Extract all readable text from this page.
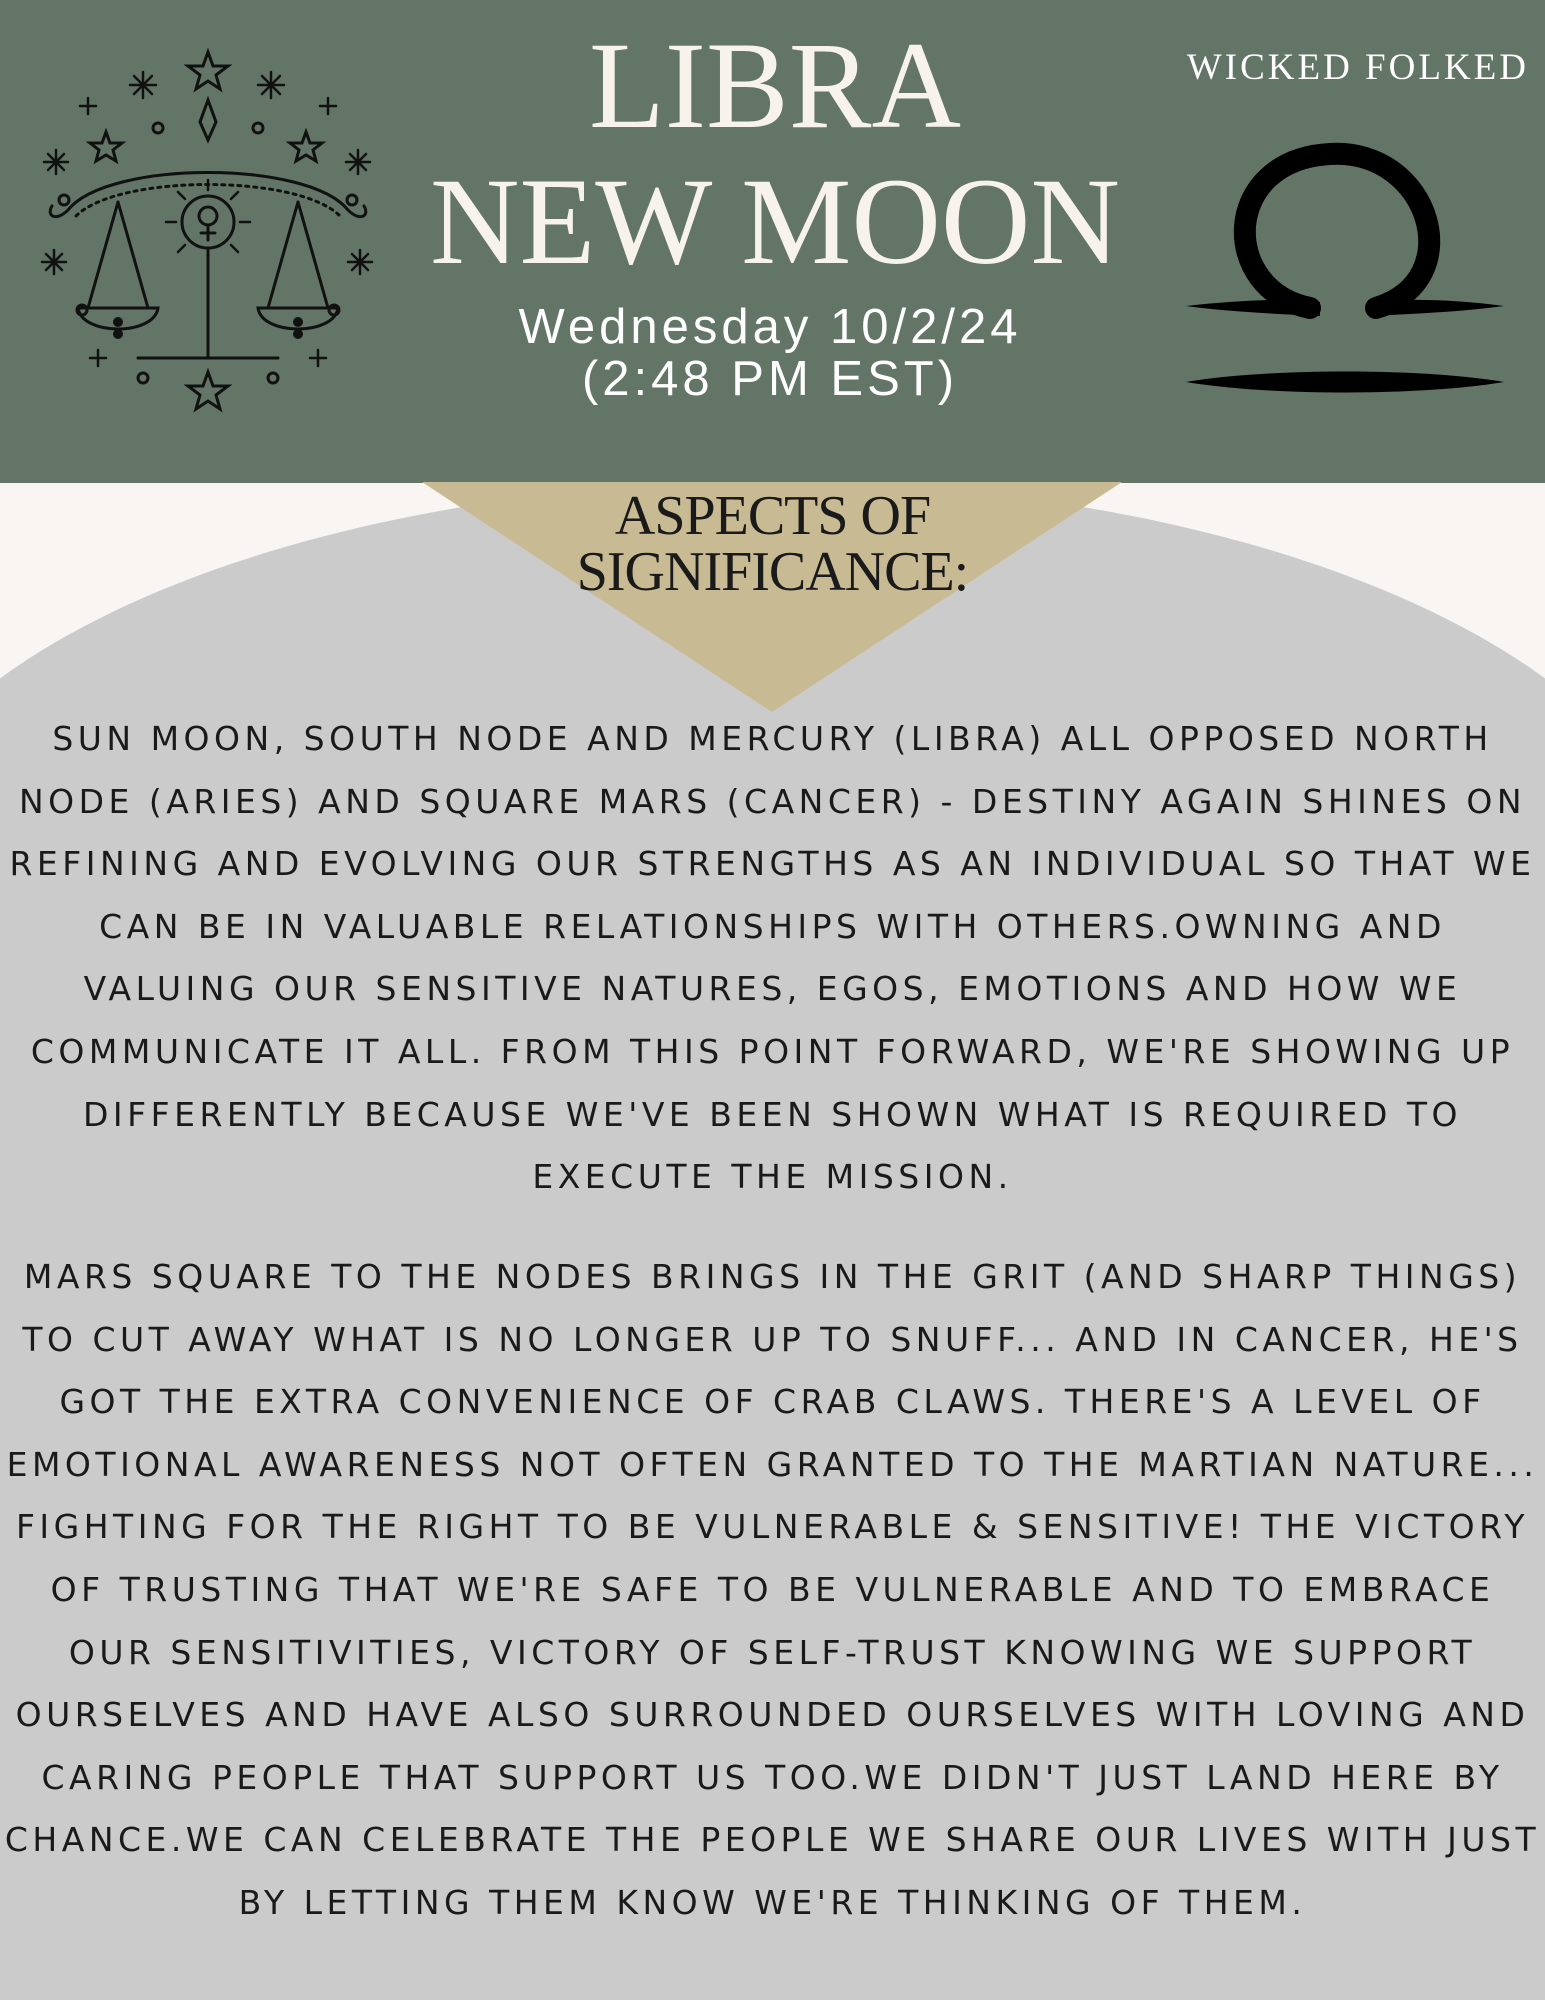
LIBRA
NEW MOON
Wednesday 10/2/24
(2:48 PM EST)
WICKED FOLKED
ASPECTS OF
SIGNIFICANCE:

SUN MOON, SOUTH NODE AND MERCURY (LIBRA) ALL OPPOSED NORTH NODE (ARIES) AND SQUARE MARS (CANCER) - DESTINY AGAIN SHINES ON REFINING AND EVOLVING OUR STRENGTHS AS AN INDIVIDUAL SO THAT WE CAN BE IN VALUABLE RELATIONSHIPS WITH OTHERS.OWNING AND VALUING OUR SENSITIVE NATURES, EGOS, EMOTIONS AND HOW WE COMMUNICATE IT ALL. FROM THIS POINT FORWARD, WE'RE SHOWING UP DIFFERENTLY BECAUSE WE'VE BEEN SHOWN WHAT IS REQUIRED TO EXECUTE THE MISSION.

MARS SQUARE TO THE NODES BRINGS IN THE GRIT (AND SHARP THINGS) TO CUT AWAY WHAT IS NO LONGER UP TO SNUFF... AND IN CANCER, HE'S GOT THE EXTRA CONVENIENCE OF CRAB CLAWS. THERE'S A LEVEL OF EMOTIONAL AWARENESS NOT OFTEN GRANTED TO THE MARTIAN NATURE... FIGHTING FOR THE RIGHT TO BE VULNERABLE & SENSITIVE! THE VICTORY OF TRUSTING THAT WE'RE SAFE TO BE VULNERABLE AND TO EMBRACE OUR SENSITIVITIES, VICTORY OF SELF-TRUST KNOWING WE SUPPORT OURSELVES AND HAVE ALSO SURROUNDED OURSELVES WITH LOVING AND CARING PEOPLE THAT SUPPORT US TOO.WE DIDN'T JUST LAND HERE BY CHANCE.WE CAN CELEBRATE THE PEOPLE WE SHARE OUR LIVES WITH JUST BY LETTING THEM KNOW WE'RE THINKING OF THEM.
